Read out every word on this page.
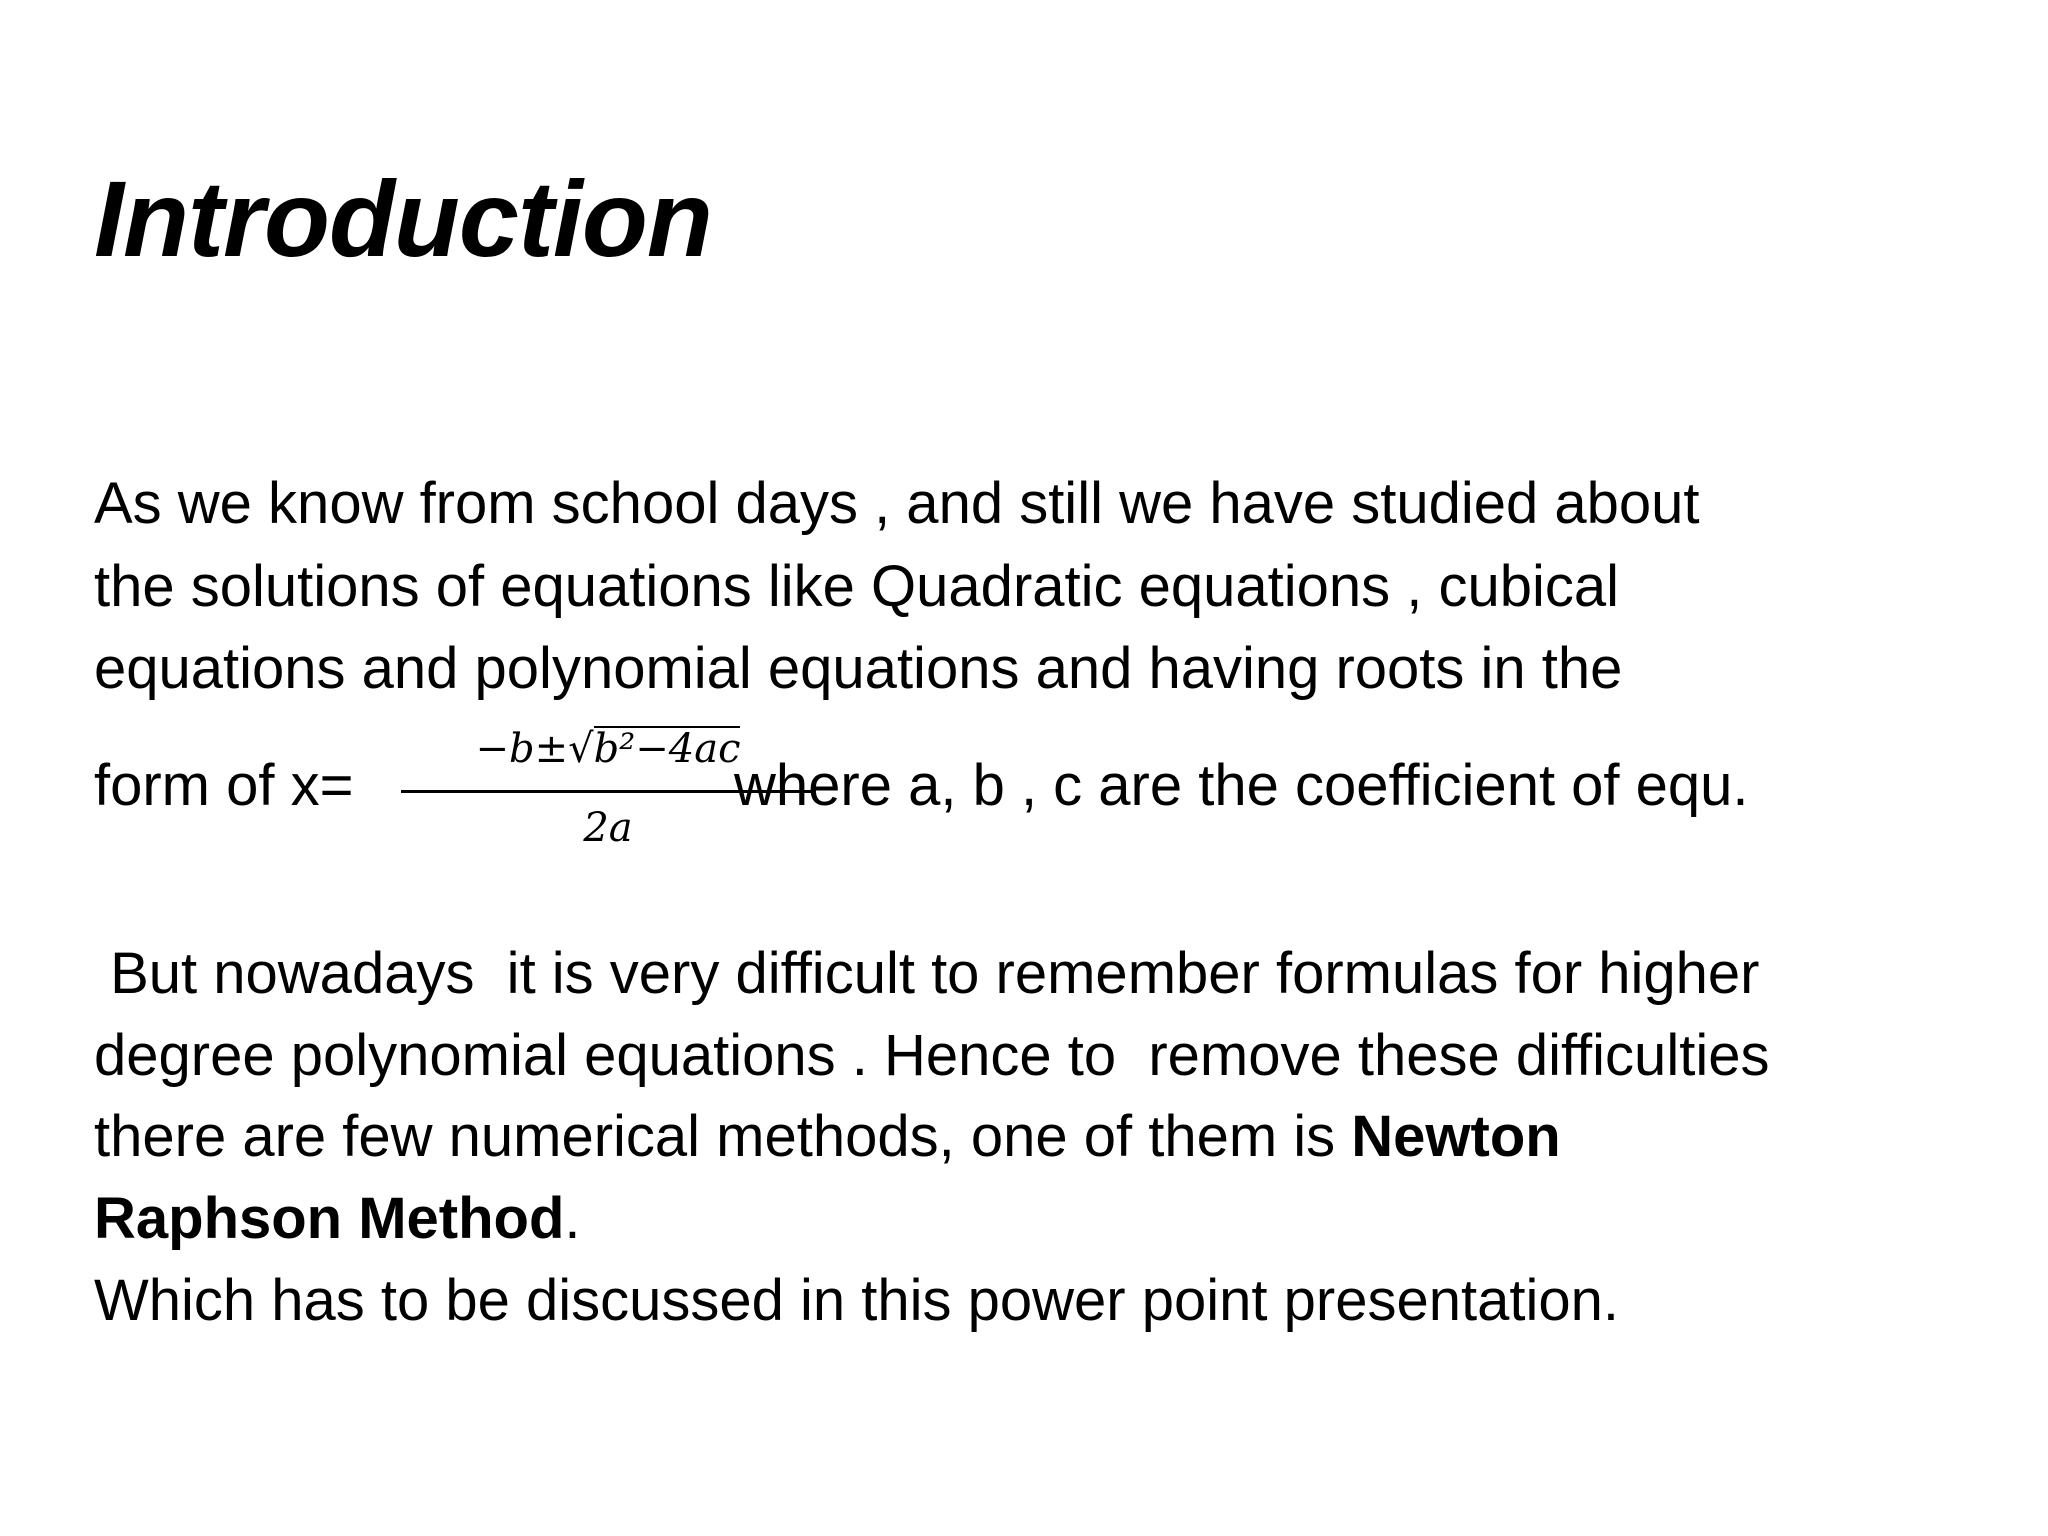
Introduction
As we know from school days , and still we have studied about
the solutions of equations like Quadratic equations , cubical
equations and polynomial equations and having roots in the
form of x=
−b±√b²−4ac
2a
where a, b , c are the coefficient of equ.
But nowadays  it is very difficult to remember formulas for higher
degree polynomial equations . Hence to  remove these difficulties
there are few numerical methods, one of them is Newton
Raphson Method.
Which has to be discussed in this power point presentation.
